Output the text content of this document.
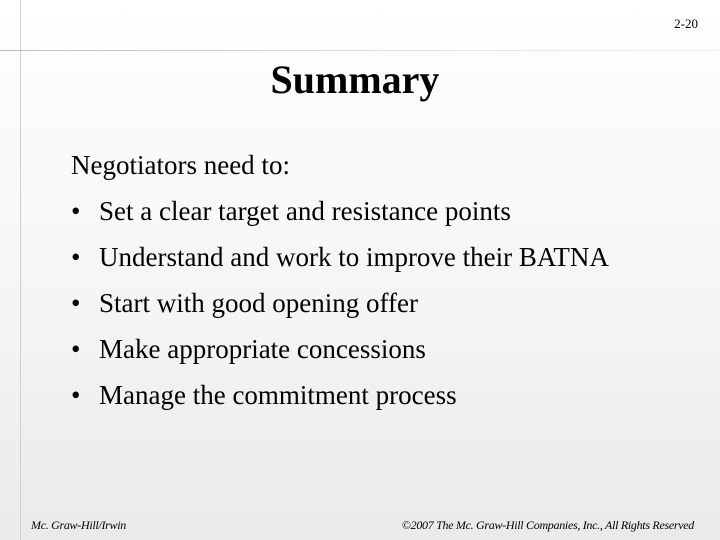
2-20
Summary
Negotiators need to:
• Set a clear target and resistance points
• Understand and work to improve their BATNA
• Start with good opening offer
• Make appropriate concessions
• Manage the commitment process
Mc. Graw-Hill/Irwin	©2007 The Mc. Graw-Hill Companies, Inc., All Rights Reserved
